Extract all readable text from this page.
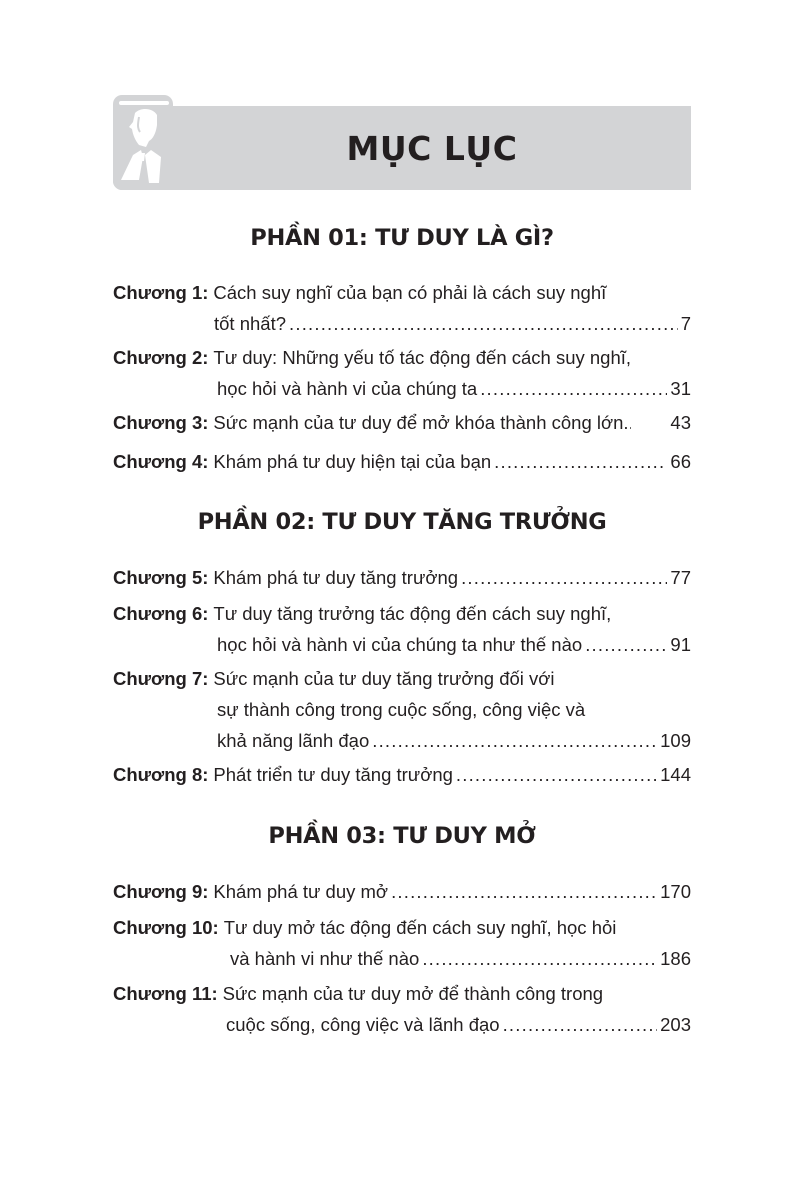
MỤC LỤC
PHẦN 01: TƯ DUY LÀ GÌ?
Chương 1: Cách suy nghĩ của bạn có phải là cách suy nghĩ
tốt nhất? .....	7
Chương 2: Tư duy: Những yếu tố tác động đến cách suy nghĩ,
học hỏi và hành vi của chúng ta .....	31
Chương 3: Sức mạnh của tư duy để mở khóa thành công lớn. ..... 43
Chương 4: Khám phá tư duy hiện tại của bạn .....	66
PHẦN 02: TƯ DUY TĂNG TRƯỞNG
Chương 5: Khám phá tư duy tăng trưởng .....	77
Chương 6: Tư duy tăng trưởng tác động đến cách suy nghĩ,
học hỏi và hành vi của chúng ta như thế nào .....	91
Chương 7: Sức mạnh của tư duy tăng trưởng đối với
sự thành công trong cuộc sống, công việc và
khả năng lãnh đạo .....	109
Chương 8: Phát triển tư duy tăng trưởng .....	144
PHẦN 03: TƯ DUY MỞ
Chương 9: Khám phá tư duy mở .....	170
Chương 10: Tư duy mở tác động đến cách suy nghĩ, học hỏi
và hành vi như thế nào .....	186
Chương 11: Sức mạnh của tư duy mở để thành công trong
cuộc sống, công việc và lãnh đạo .....	203
